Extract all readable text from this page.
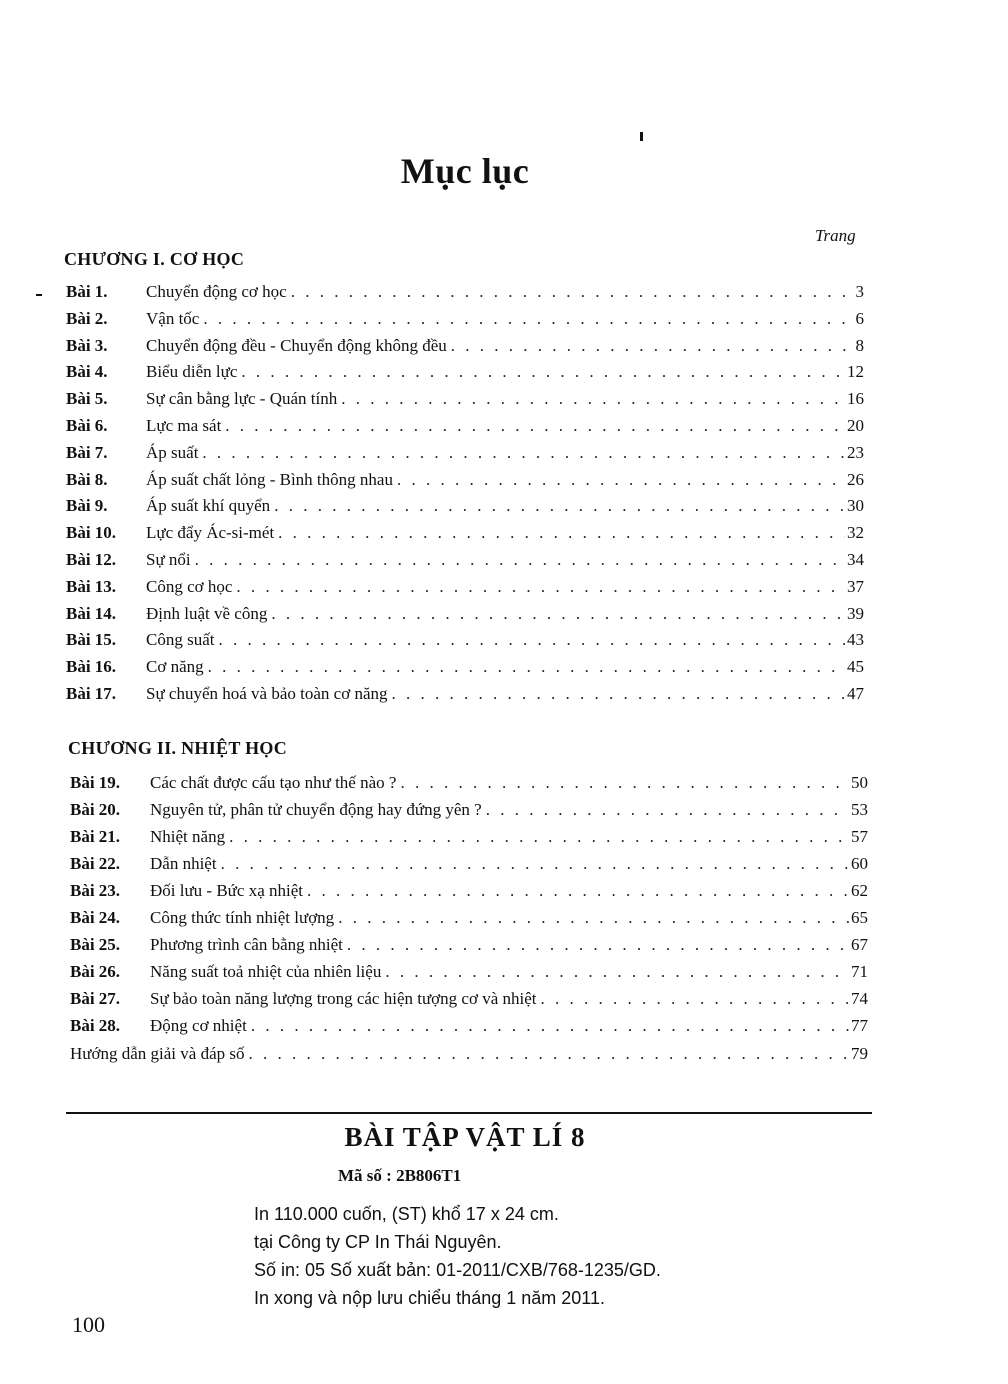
Mục lục
Trang
CHƯƠNG I. CƠ HỌC
Bài 1.	Chuyển động cơ học . . .	3
Bài 2.	Vận tốc . . .	6
Bài 3.	Chuyển động đều - Chuyển động không đều . . .	8
Bài 4.	Biểu diễn lực . . .	12
Bài 5.	Sự cân bằng lực - Quán tính . . .	16
Bài 6.	Lực ma sát . . .	20
Bài 7.	Áp suất . . .	23
Bài 8.	Áp suất chất lỏng - Bình thông nhau . . .	26
Bài 9.	Áp suất khí quyển . . .	30
Bài 10.	Lực đẩy Ác-si-mét . . .	32
Bài 12.	Sự nổi . . .	34
Bài 13.	Công cơ học . . .	37
Bài 14.	Định luật về công . . .	39
Bài 15.	Công suất . . .	43
Bài 16.	Cơ năng . . .	45
Bài 17.	Sự chuyển hoá và bảo toàn cơ năng . . .	47
CHƯƠNG II. NHIỆT HỌC
Bài 19.	Các chất được cấu tạo như thế nào ? . . .	50
Bài 20.	Nguyên tử, phân tử chuyển động hay đứng yên ? . . .	53
Bài 21.	Nhiệt năng . . .	57
Bài 22.	Dẫn nhiệt . . .	60
Bài 23.	Đối lưu - Bức xạ nhiệt . . .	62
Bài 24.	Công thức tính nhiệt lượng . . .	65
Bài 25.	Phương trình cân bằng nhiệt . . .	67
Bài 26.	Năng suất toả nhiệt của nhiên liệu . . .	71
Bài 27.	Sự bảo toàn năng lượng trong các hiện tượng cơ và nhiệt . . .	74
Bài 28.	Động cơ nhiệt . . .	77
Hướng dẫn giải và đáp số . . .	79
BÀI TẬP VẬT LÍ 8
Mã số : 2B806T1
In 110.000 cuốn, (ST) khổ 17 x 24 cm.
tại Công ty CP In Thái Nguyên.
Số in: 05 Số xuất bản: 01-2011/CXB/768-1235/GD.
In xong và nộp lưu chiểu tháng 1 năm 2011.
100
